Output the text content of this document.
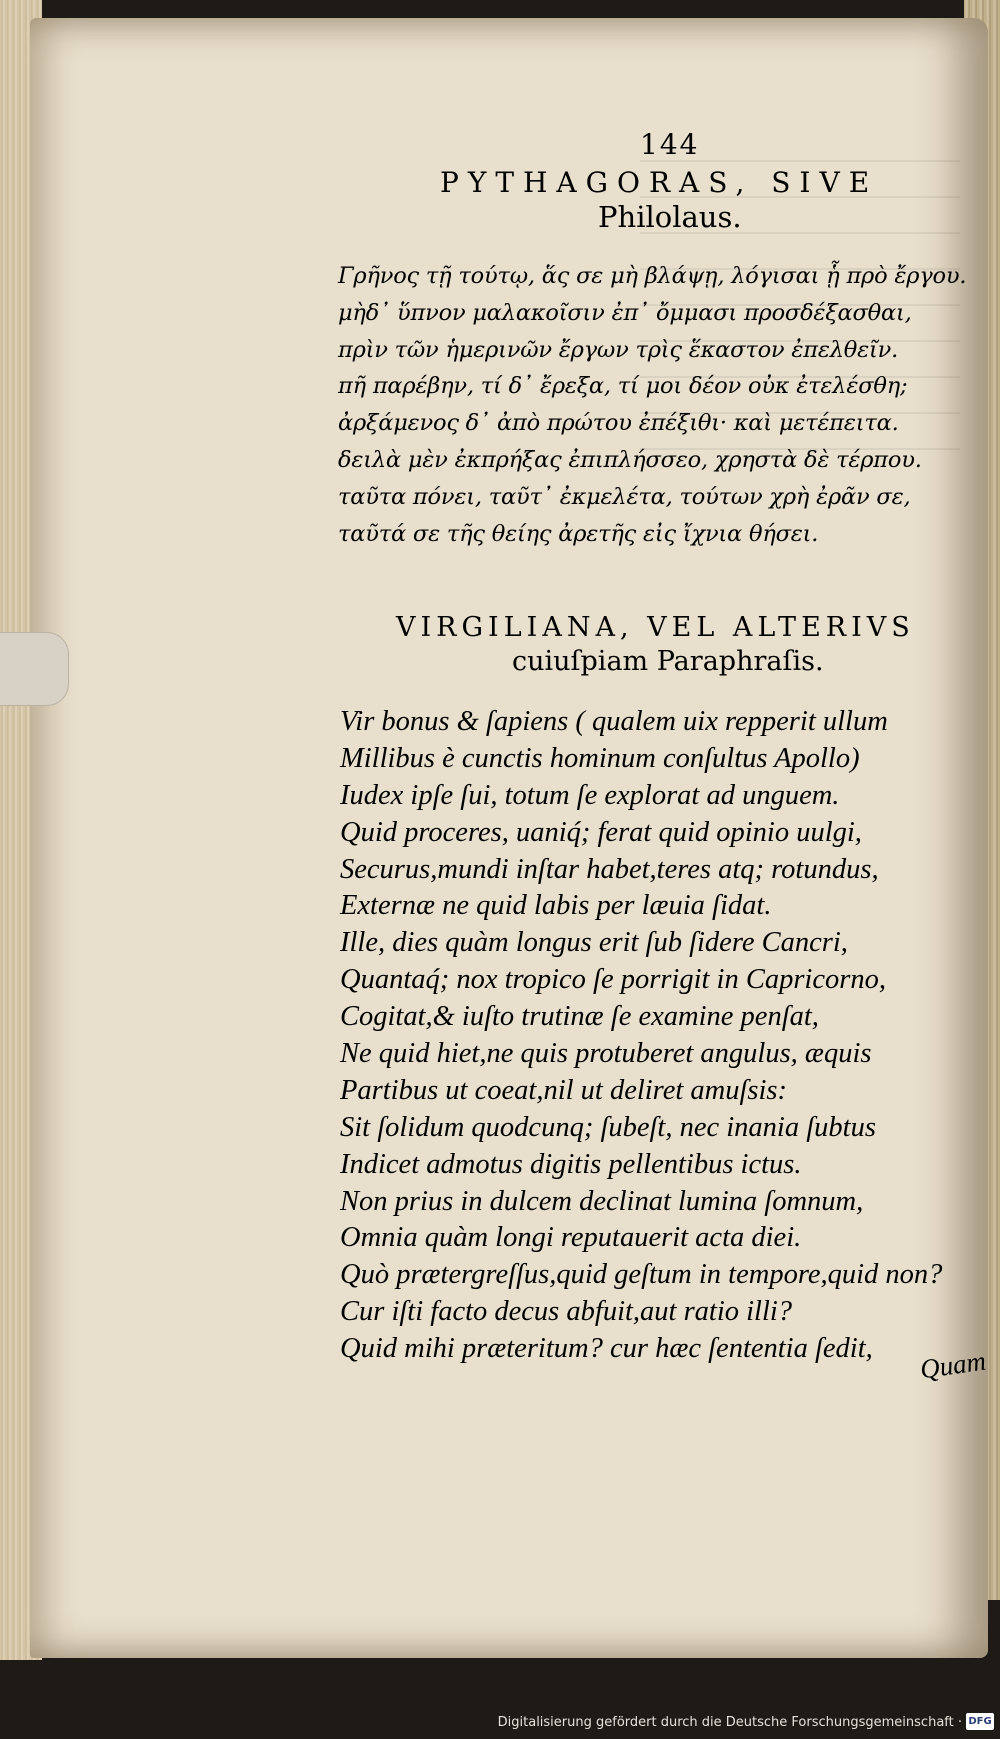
144
PYTHAGORAS, SIVE
Philolaus.
Γρῆνος τῇ τούτῳ, ἅς σε μὴ βλάψῃ, λόγισαι ᾗ πρὸ ἔργου.
μὴδ᾽ ὕπνον μαλακοῖσιν ἐπ᾽ ὄμμασι προσδέξασθαι,
πρὶν τῶν ἡμερινῶν ἔργων τρὶς ἕκαστον ἐπελθεῖν.
πῆ παρέβην, τί δ᾽ ἔρεξα, τί μοι δέον οὐκ ἐτελέσθη;
ἀρξάμενος δ᾽ ἀπὸ πρώτου ἐπέξιθι· καὶ μετέπειτα.
δειλὰ μὲν ἐκπρήξας ἐπιπλήσσεο, χρηστὰ δὲ τέρπου.
ταῦτα πόνει, ταῦτ᾽ ἐκμελέτα, τούτων χρὴ ἐρᾶν σε,
ταῦτά σε τῆς θείης ἀρετῆς εἰς ἴχνια θήσει.
VIRGILIANA, VEL ALTERIVS
cuiuſpiam Paraphraſis.
Vir bonus & ſapiens ( qualem uix repperit ullum
Millibus è cunctis hominum conſultus Apollo)
Iudex ipſe ſui, totum ſe explorat ad unguem.
Quid proceres, uaniq́; ferat quid opinio uulgi,
Securus,mundi inſtar habet,teres atq; rotundus,
Externæ ne quid labis per læuia ſidat.
Ille, dies quàm longus erit ſub ſidere Cancri,
Quantaq́; nox tropico ſe porrigit in Capricorno,
Cogitat,& iuſto trutinæ ſe examine penſat,
Ne quid hiet,ne quis protuberet angulus, æquis
Partibus ut coeat,nil ut deliret amuſsis:
Sit ſolidum quodcunq; ſubeſt, nec inania ſubtus
Indicet admotus digitis pellentibus ictus.
Non prius in dulcem declinat lumina ſomnum,
Omnia quàm longi reputauerit acta diei.
Quò prætergreſſus,quid geſtum in tempore,quid non?
Cur iſti facto decus abfuit,aut ratio illi?
Quid mihi præteritum? cur hæc ſententia ſedit,	Quam
Digitalisierung gefördert durch die Deutsche Forschungsgemeinschaft · DFG
